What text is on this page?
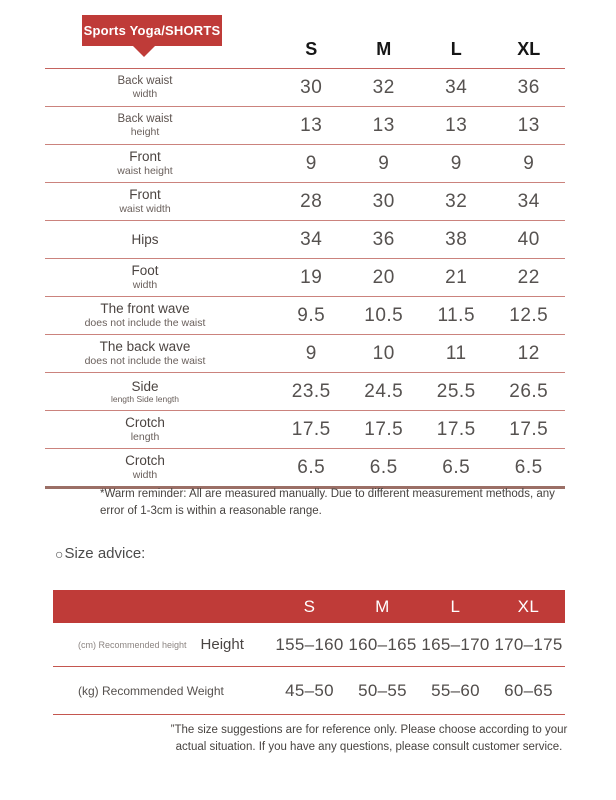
Sports Yoga/SHORTS
S	M	L	XL
Back waist
width	30	32	34	36
Back waist
height	13	13	13	13
Front
waist height	9	9	9	9
Front
waist width	28	30	32	34
Hips	34	36	38	40
Foot
width	19	20	21	22
The front wave
does not include the waist	9.5	10.5	11.5	12.5
The back wave
does not include the waist	9	10	11	12
Side
length Side length	23.5	24.5	25.5	26.5
Crotch
length	17.5	17.5	17.5	17.5
Crotch
width	6.5	6.5	6.5	6.5
*Warm reminder: All are measured manually. Due to different measurement methods, any error of 1-3cm is within a reasonable range.
○ Size advice:
S	M	L	XL
(cm) Recommended height Height 155–160 160–165 165–170 170–175
(kg) Recommended Weight	45–50	50–55	55–60	60–65
”The size suggestions are for reference only. Please choose according to your actual situation. If you have any questions, please consult customer service.
